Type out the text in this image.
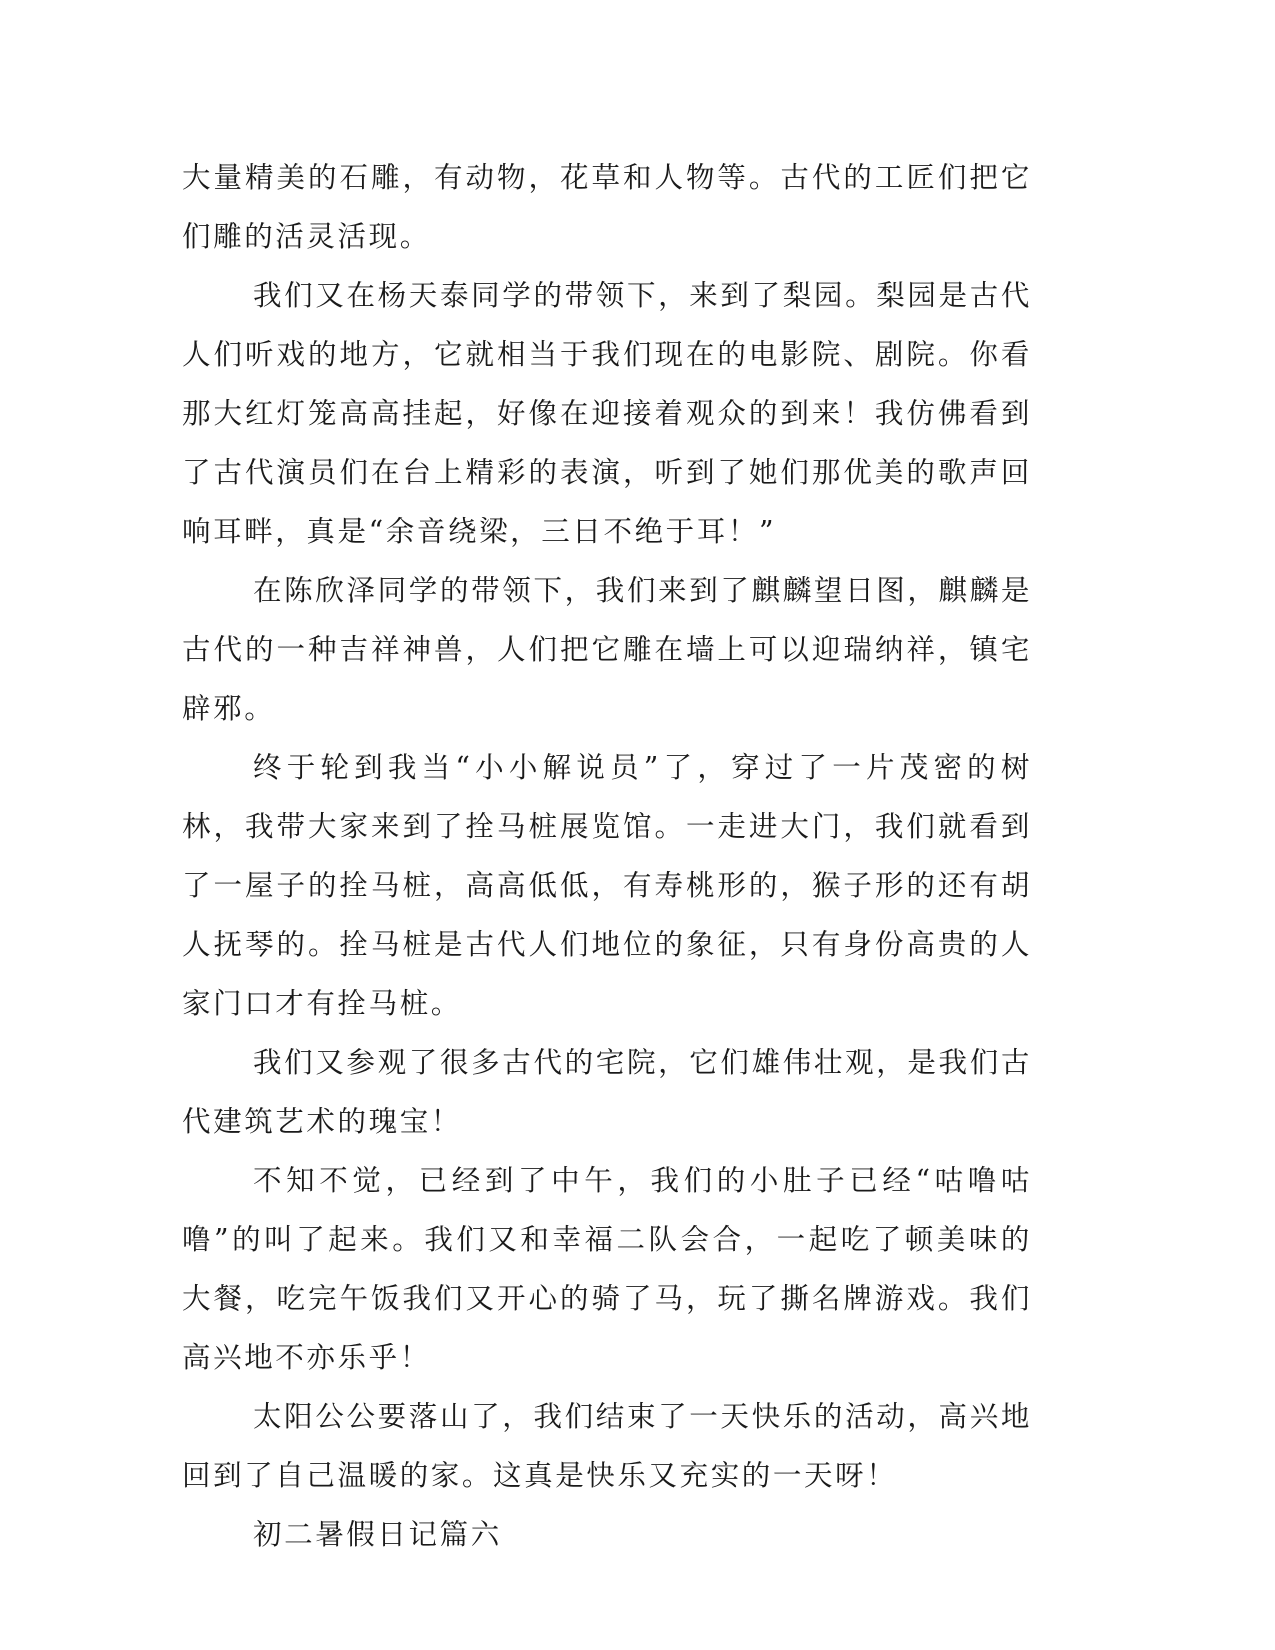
大量精美的石雕，有动物，花草和人物等。古代的工匠们把它们雕的活灵活现。

我们又在杨天泰同学的带领下，来到了梨园。梨园是古代人们听戏的地方，它就相当于我们现在的电影院、剧院。你看那大红灯笼高高挂起，好像在迎接着观众的到来！我仿佛看到了古代演员们在台上精彩的表演，听到了她们那优美的歌声回响耳畔，真是“余音绕梁，三日不绝于耳！”

在陈欣泽同学的带领下，我们来到了麒麟望日图，麒麟是古代的一种吉祥神兽，人们把它雕在墙上可以迎瑞纳祥，镇宅辟邪。

终于轮到我当“小小解说员”了，穿过了一片茂密的树林，我带大家来到了拴马桩展览馆。一走进大门，我们就看到了一屋子的拴马桩，高高低低，有寿桃形的，猴子形的还有胡人抚琴的。拴马桩是古代人们地位的象征，只有身份高贵的人家门口才有拴马桩。

我们又参观了很多古代的宅院，它们雄伟壮观，是我们古代建筑艺术的瑰宝！

不知不觉，已经到了中午，我们的小肚子已经“咕噜咕噜”的叫了起来。我们又和幸福二队会合，一起吃了顿美味的大餐，吃完午饭我们又开心的骑了马，玩了撕名牌游戏。我们高兴地不亦乐乎！

太阳公公要落山了，我们结束了一天快乐的活动，高兴地回到了自己温暖的家。这真是快乐又充实的一天呀！

初二暑假日记篇六
